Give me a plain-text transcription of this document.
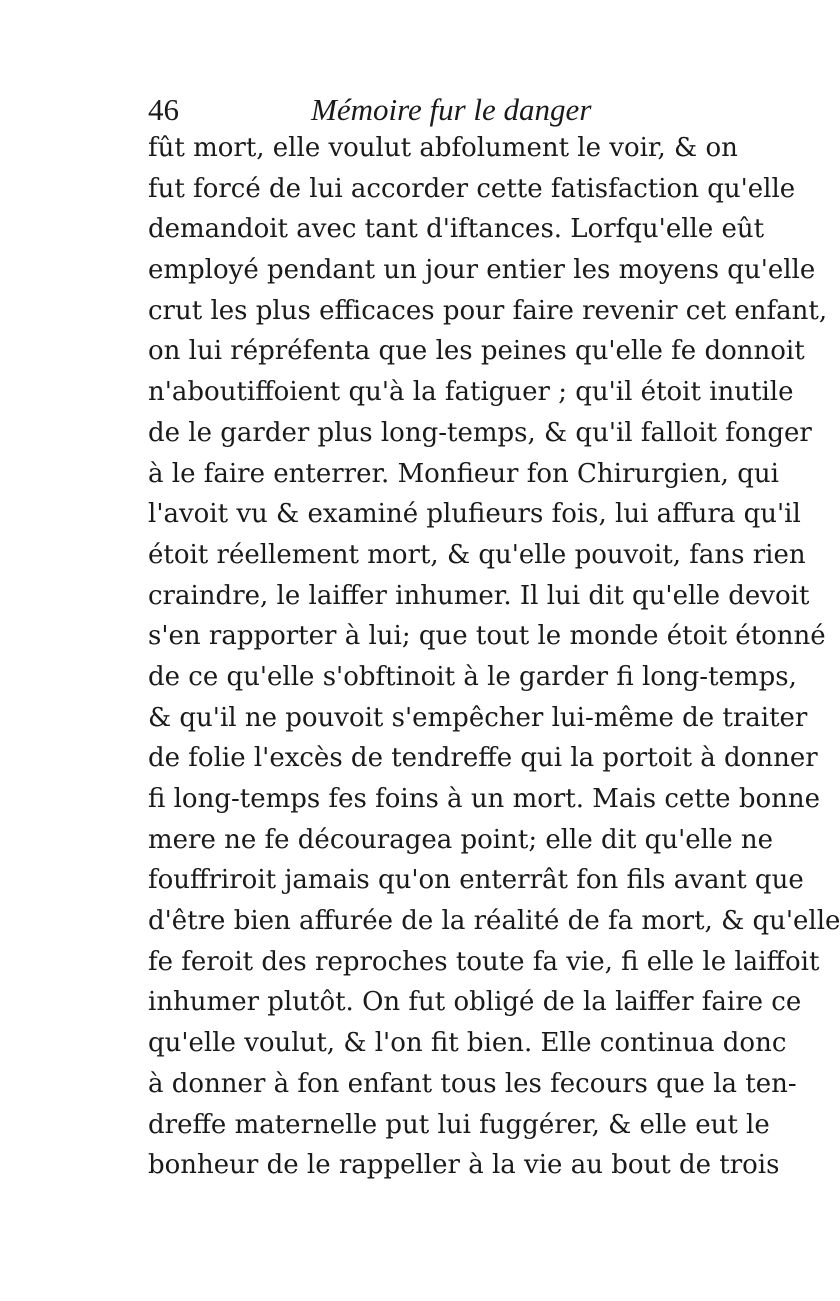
46	Mémoire fur le danger
fût mort, elle voulut abfolument le voir, & on
fut forcé de lui accorder cette fatisfaction qu'elle
demandoit avec tant d'iftances. Lorfqu'elle eût
employé pendant un jour entier les moyens qu'elle
crut les plus efficaces pour faire revenir cet enfant,
on lui répréfenta que les peines qu'elle fe donnoit
n'aboutiffoient qu'à la fatiguer ; qu'il étoit inutile
de le garder plus long-temps, & qu'il falloit fonger
à le faire enterrer. Monfieur fon Chirurgien, qui
l'avoit vu & examiné plufieurs fois, lui affura qu'il
étoit réellement mort, & qu'elle pouvoit, fans rien
craindre, le laiffer inhumer. Il lui dit qu'elle devoit
s'en rapporter à lui; que tout le monde étoit étonné
de ce qu'elle s'obftinoit à le garder fi long-temps,
& qu'il ne pouvoit s'empêcher lui-même de traiter
de folie l'excès de tendreffe qui la portoit à donner
fi long-temps fes foins à un mort. Mais cette bonne
mere ne fe découragea point; elle dit qu'elle ne
fouffriroit jamais qu'on enterrât fon fils avant que
d'être bien affurée de la réalité de fa mort, & qu'elle
fe feroit des reproches toute fa vie, fi elle le laiffoit
inhumer plutôt. On fut obligé de la laiffer faire ce
qu'elle voulut, & l'on fit bien. Elle continua donc
à donner à fon enfant tous les fecours que la ten-
dreffe maternelle put lui fuggérer, & elle eut le
bonheur de le rappeller à la vie au bout de trois
